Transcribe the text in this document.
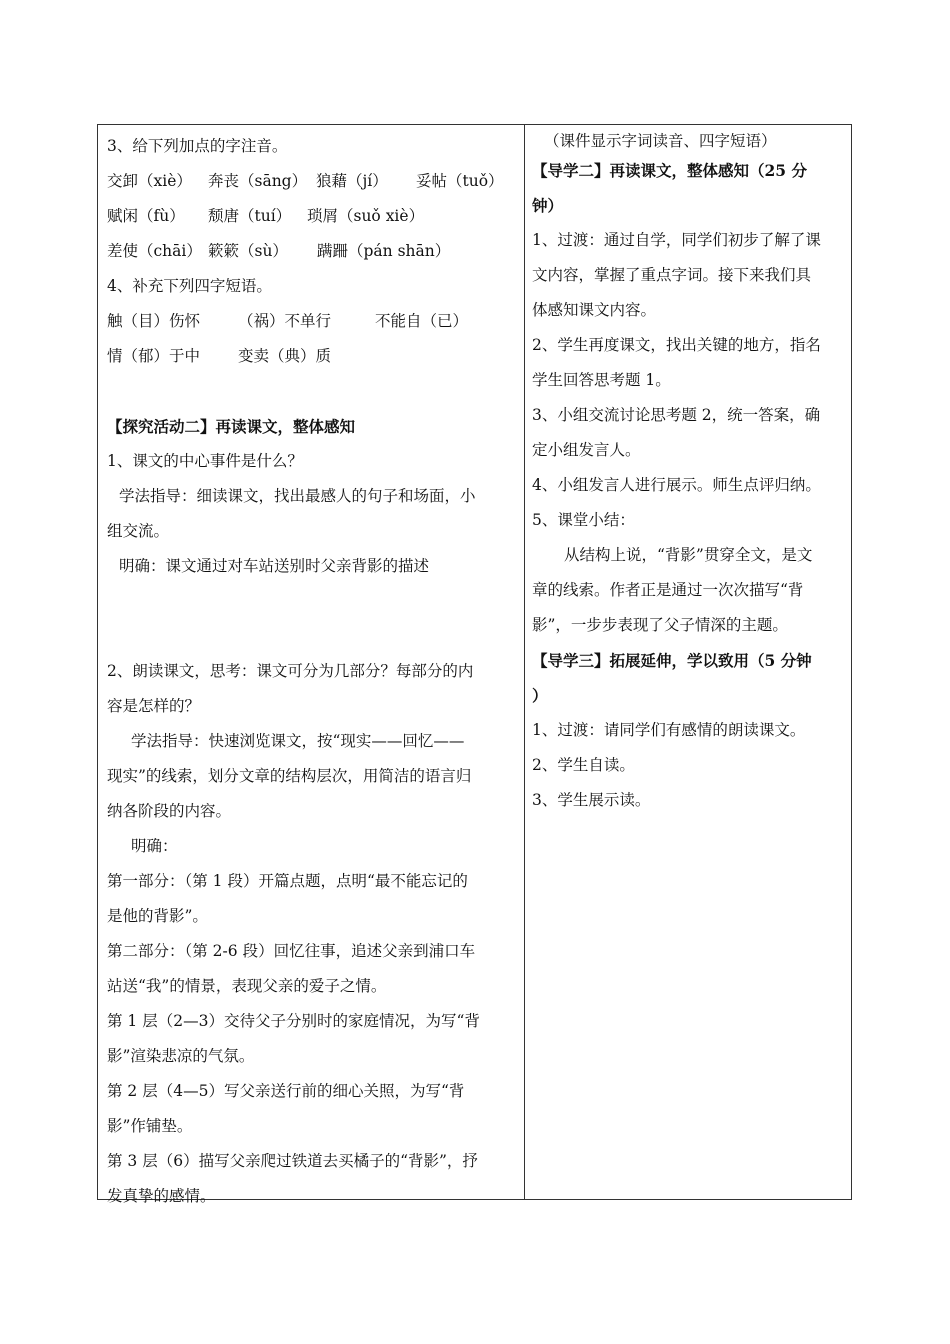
3、给下列加点的字注音。
交卸（xiè）	奔丧（sāng） 狼藉（jí）	妥帖（tuǒ）
赋闲（fù）	颓唐（tuí）	琐屑（suǒ xiè）
差使（chāi） 簌簌（sù）	蹒跚（pán shān）
4、补充下列四字短语。
触（目）伤怀	（祸）不单行	不能自（已）
情（郁）于中	变卖（典）质
【探究活动二】再读课文，整体感知
1、课文的中心事件是什么？
学法指导：细读课文，找出最感人的句子和场面，小
组交流。
明确：课文通过对车站送别时父亲背影的描述
2、朗读课文，思考：课文可分为几部分？每部分的内
容是怎样的？
学法指导：快速浏览课文，按“现实——回忆——
现实”的线索，划分文章的结构层次，用简洁的语言归
纳各阶段的内容。
明确：
第一部分：（第 1 段）开篇点题，点明“最不能忘记的
是他的背影”。
第二部分：（第 2-6 段）回忆往事，追述父亲到浦口车
站送“我”的情景，表现父亲的爱子之情。
第 1 层（2—3）交待父子分别时的家庭情况，为写“背
影”渲染悲凉的气氛。
第 2 层（4—5）写父亲送行前的细心关照，为写“背
影”作铺垫。
第 3 层（6）描写父亲爬过铁道去买橘子的“背影”，抒
发真挚的感情。
（课件显示字词读音、四字短语）
【导学二】再读课文，整体感知（25 分
钟）
1、过渡：通过自学，同学们初步了解了课
文内容，掌握了重点字词。接下来我们具
体感知课文内容。
2、学生再度课文，找出关键的地方，指名
学生回答思考题 1。
3、小组交流讨论思考题 2，统一答案，确
定小组发言人。
4、小组发言人进行展示。师生点评归纳。
5、课堂小结：
从结构上说，“背影”贯穿全文，是文
章的线索。作者正是通过一次次描写“背
影”，一步步表现了父子情深的主题。
【导学三】拓展延伸，学以致用（5 分钟
）
1、过渡：请同学们有感情的朗读课文。
2、学生自读。
3、学生展示读。
